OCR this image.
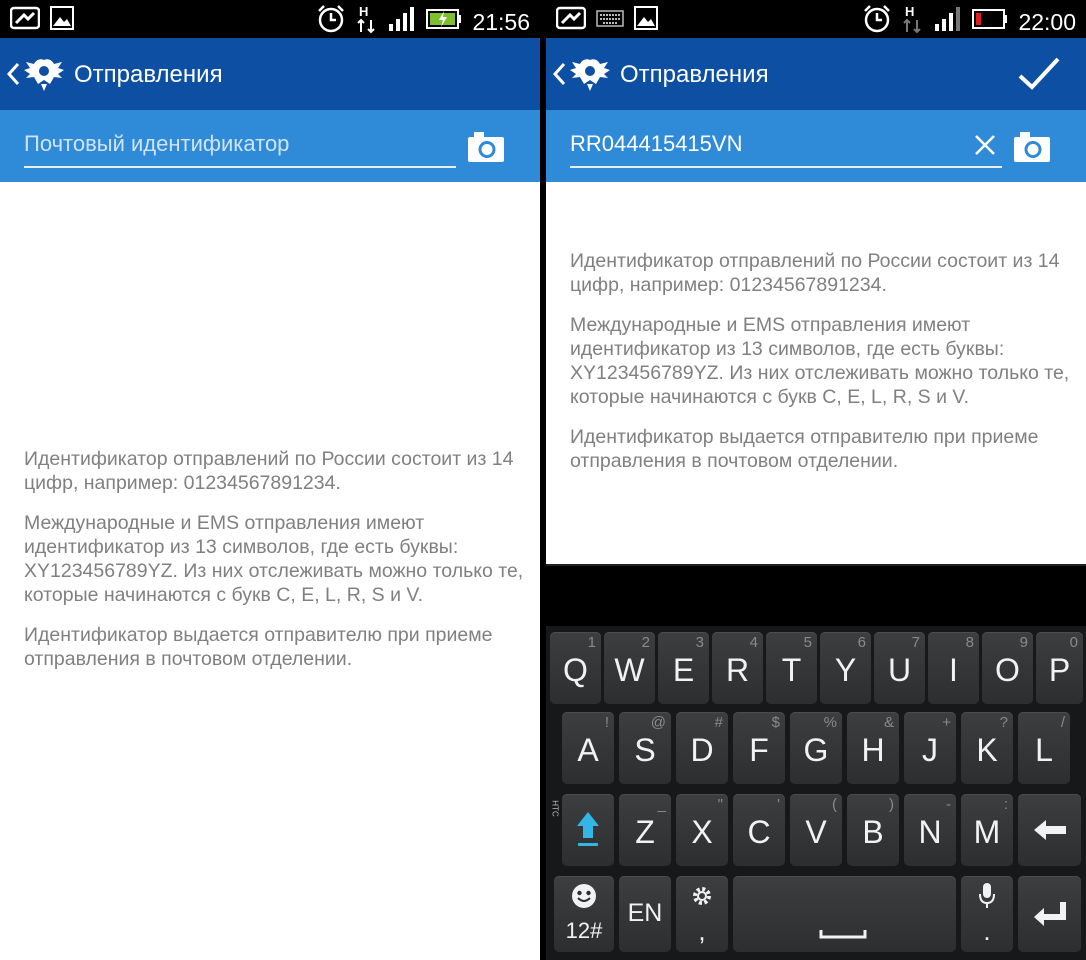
H	21:56
Отправления
Почтовый идентификатор

Идентификатор отправлений по России состоит из 14 цифр, например: 01234567891234.

Международные и EMS отправления имеют идентификатор из 13 символов, где есть буквы: XY123456789YZ. Из них отслеживать можно только те, которые начинаются с букв C, E, L, R, S и V.

Идентификатор выдается отправителю при приеме отправления в почтовом отделении.

H	22:00
Отправления
RR044415415VN

Идентификатор отправлений по России состоит из 14 цифр, например: 01234567891234.

Международные и EMS отправления имеют идентификатор из 13 символов, где есть буквы: XY123456789YZ. Из них отслеживать можно только те, которые начинаются с букв C, E, L, R, S и V.

Идентификатор выдается отправителю при приеме отправления в почтовом отделении.

HTC
1
Q
2
W
3
E
4
R
5
T
6
Y
7
U
8
I
9
O
0
P
!
A
@
S
#
D
$
F
%
G
&
H
+
J
?
K
/
L
_
Z
"
X
'
C
(
V
)
B
-
N
:
M
12#
EN
,	.
